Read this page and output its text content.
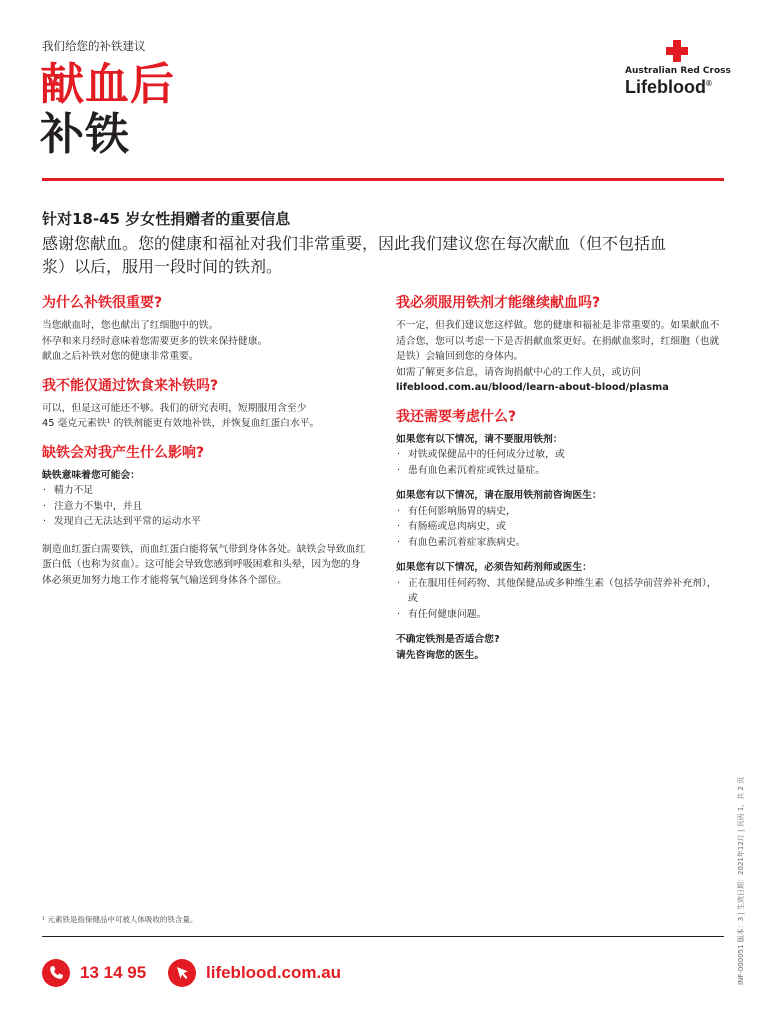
我们给您的补铁建议
献血后
补铁
Australian Red Cross
Lifeblood®
针对18-45 岁女性捐赠者的重要信息
感谢您献血。您的健康和福祉对我们非常重要，因此我们建议您在每次献血（但不包括血浆）以后，服用一段时间的铁剂。
为什么补铁很重要?

当您献血时，您也献出了红细胞中的铁。

怀孕和来月经时意味着您需要更多的铁来保持健康。

献血之后补铁对您的健康非常重要。

我不能仅通过饮食来补铁吗?

可以，但是这可能还不够。我们的研究表明，短期服用含至少

45 毫克元素铁¹ 的铁剂能更有效地补铁，并恢复血红蛋白水平。

缺铁会对我产生什么影响?

缺铁意味着您可能会：

· 精力不足
· 注意力不集中，并且
· 发现自己无法达到平常的运动水平

制造血红蛋白需要铁，而血红蛋白能将氧气带到身体各处。缺铁会导致血红蛋白低（也称为贫血）。这可能会导致您感到呼吸困难和头晕，因为您的身体必须更加努力地工作才能将氧气输送到身体各个部位。

我必须服用铁剂才能继续献血吗?

不一定，但我们建议您这样做。您的健康和福祉是非常重要的。如果献血不适合您，您可以考虑一下是否捐献血浆更好。在捐献血浆时，红细胞（也就是铁）会输回到您的身体内。

如需了解更多信息，请咨询捐献中心的工作人员，或访问

lifeblood.com.au/blood/learn-about-blood/plasma

我还需要考虑什么?

如果您有以下情况，请不要服用铁剂：

· 对铁或保健品中的任何成分过敏，或
· 患有血色素沉着症或铁过量症。

如果您有以下情况，请在服用铁剂前咨询医生：

· 有任何影响肠胃的病史，
· 有肠癌或息肉病史，或
· 有血色素沉着症家族病史。

如果您有以下情况，必须告知药剂师或医生：

· 正在服用任何药物、其他保健品或多种维生素（包括孕前营养补充剂），或
· 有任何健康问题。

不确定铁剂是否适合您?

请先咨询您的医生。

INF-000051 版本：3 | 生效日期：2021年12月 | 页码 1，共 2 页
¹ 元素铁是指保健品中可被人体吸收的铁含量。
13 14 95	lifeblood.com.au
